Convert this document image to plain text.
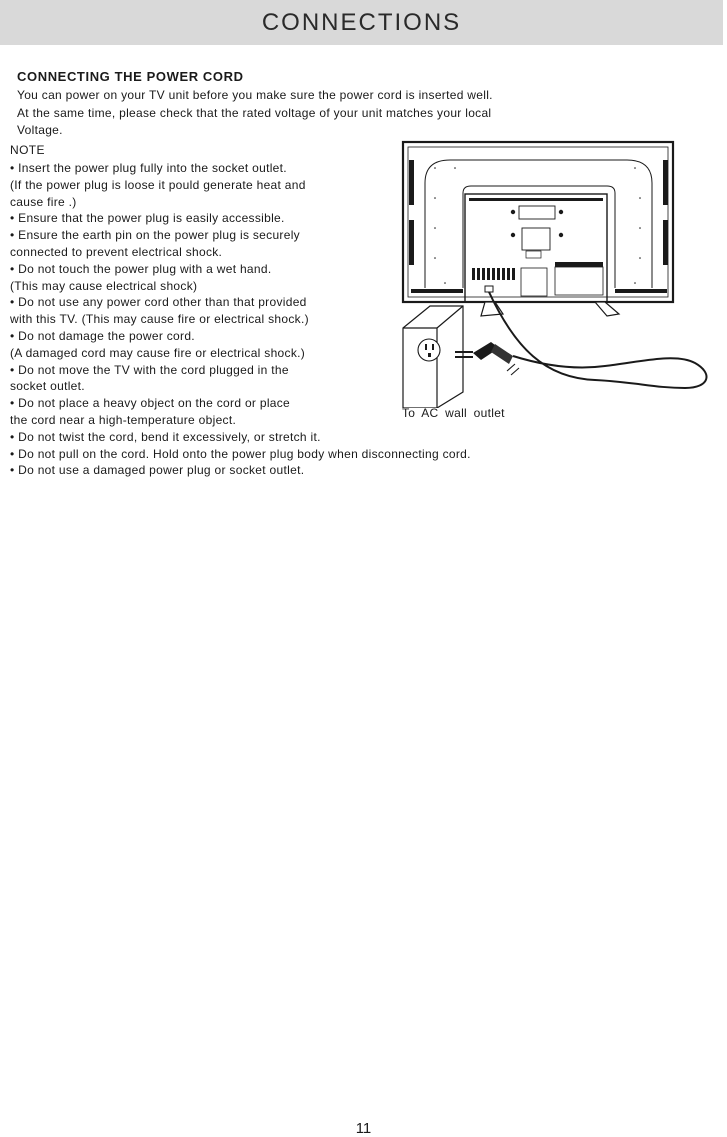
CONNECTIONS
CONNECTING THE POWER CORD

You can power on your TV unit before you make sure the power cord is inserted well.
At the same time, please check that the rated voltage of your unit matches your local
Voltage.

NOTE

• Insert the power plug fully into the socket outlet.
(If the power plug is loose it pould generate heat and
cause fire .)
• Ensure that the power plug is easily accessible.
• Ensure the earth pin on the power plug is securely
connected to prevent electrical shock.
• Do not touch the power plug with a wet hand.
(This may cause electrical shock)
• Do not use any power cord other than that provided
with this TV. (This may cause fire or electrical shock.)
• Do not damage the power cord.
(A damaged cord may cause fire or electrical shock.)
• Do not move the TV with the cord plugged in the
socket outlet.
• Do not place a heavy object on the cord or place
the cord near a high-temperature object.
• Do not twist the cord, bend it excessively, or stretch it.
• Do not pull on the cord. Hold onto the power plug body when disconnecting cord.
• Do not use a damaged power plug or socket outlet.

To AC wall outlet

11
